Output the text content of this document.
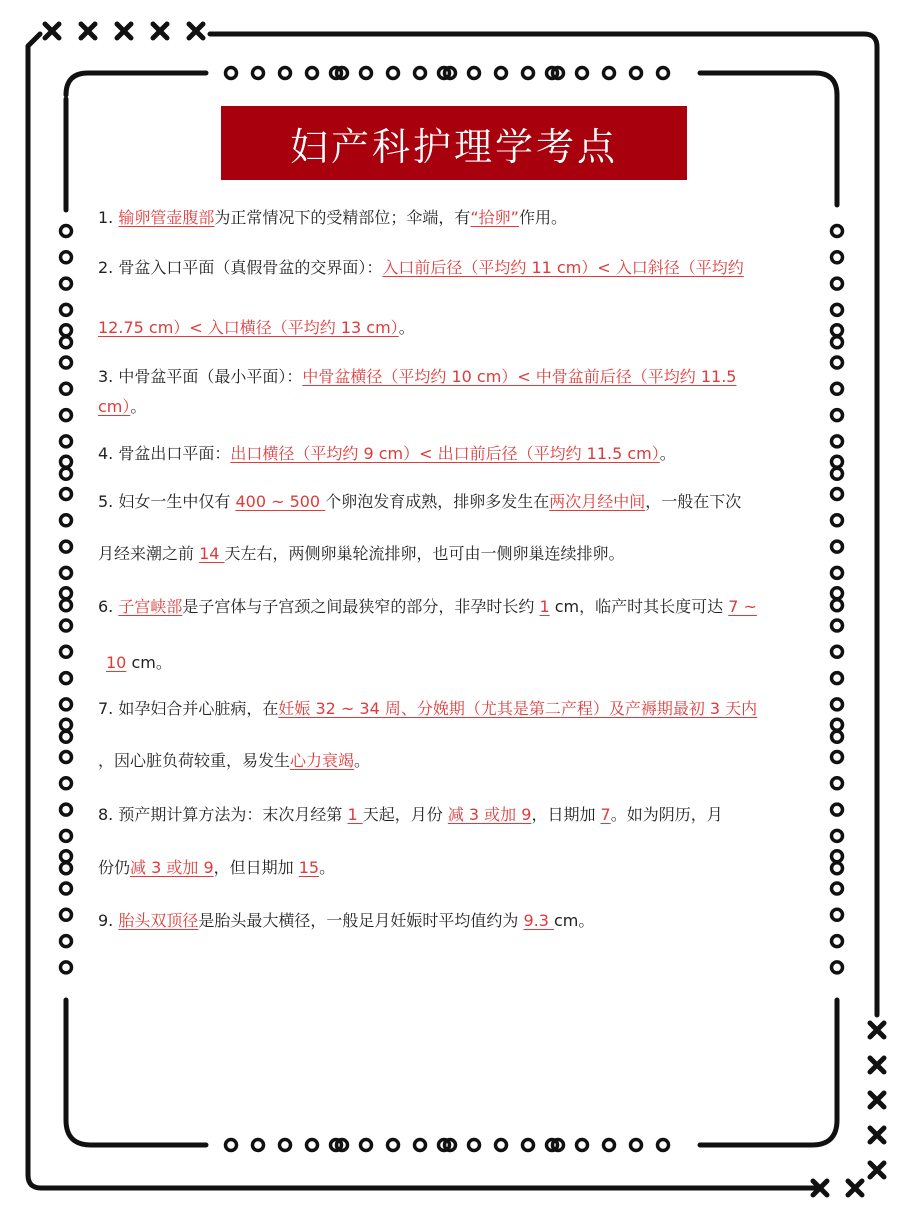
妇产科护理学考点
1. 输卵管壶腹部为正常情况下的受精部位；伞端，有“拾卵”作用。
2. 骨盆入口平面（真假骨盆的交界面）：入口前后径（平均约 11 cm）< 入口斜径（平均约
12.75 cm）< 入口横径（平均约 13 cm）。
3. 中骨盆平面（最小平面）：中骨盆横径（平均约 10 cm）< 中骨盆前后径（平均约 11.5
cm）。
4. 骨盆出口平面：出口横径（平均约 9 cm）< 出口前后径（平均约 11.5 cm）。
5. 妇女一生中仅有 400 ~ 500 个卵泡发育成熟，排卵多发生在两次月经中间，一般在下次
月经来潮之前 14 天左右，两侧卵巢轮流排卵，也可由一侧卵巢连续排卵。
6. 子宫峡部是子宫体与子宫颈之间最狭窄的部分，非孕时长约 1 cm，临产时其长度可达 7 ~
10 cm。
7. 如孕妇合并心脏病，在妊娠 32 ~ 34 周、分娩期（尤其是第二产程）及产褥期最初 3 天内
，因心脏负荷较重，易发生心力衰竭。
8. 预产期计算方法为：末次月经第 1 天起，月份 减 3 或加 9，日期加 7。如为阴历，月
份仍减 3 或加 9，但日期加 15。
9. 胎头双顶径是胎头最大横径，一般足月妊娠时平均值约为 9.3 cm。
